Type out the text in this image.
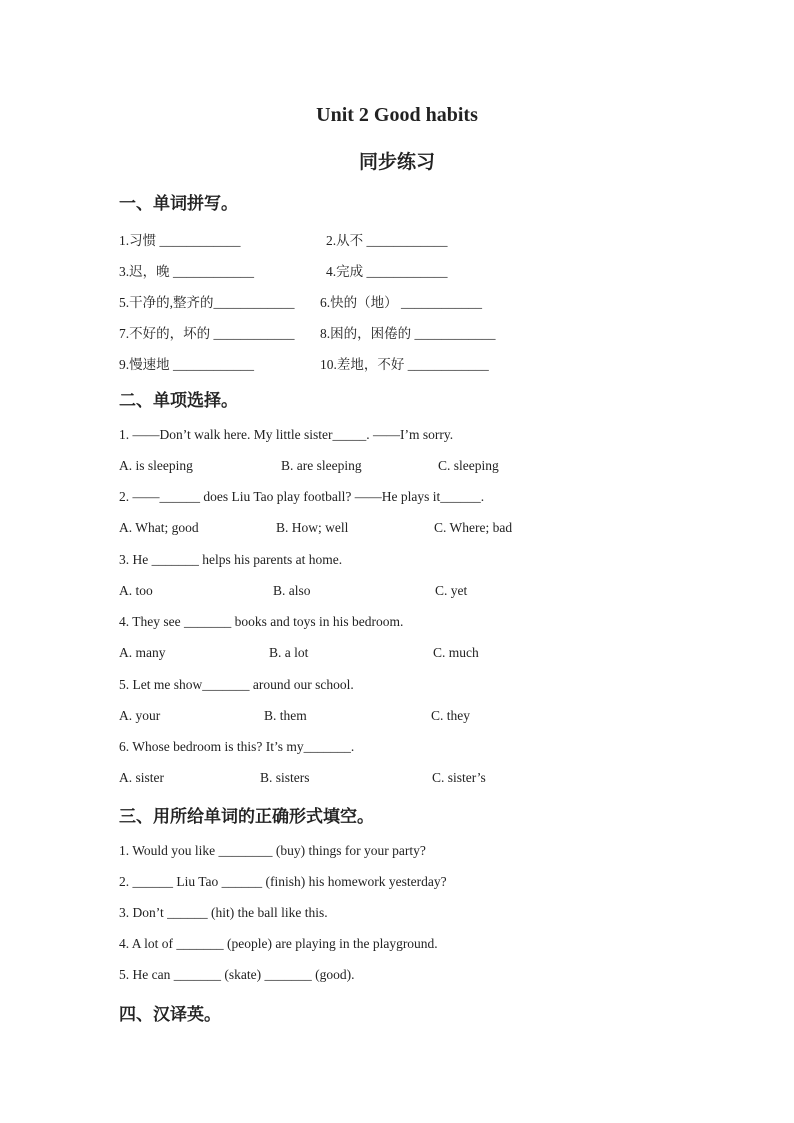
Unit 2 Good habits
同步练习
一、单词拼写。
1.习惯 ____________	2.从不 ____________
3.迟，晚 ____________	4.完成 ____________
5.干净的,整齐的____________ 6.快的（地） ____________
7.不好的，坏的 ____________ 8.困的，困倦的 ____________
9.慢速地 ____________	10.差地，不好 ____________
二、单项选择。
1. ——Don’t walk here. My little sister_____. ——I’m sorry.
A. is sleeping	B. are sleeping	C. sleeping
2. ——______ does Liu Tao play football? ——He plays it______.
A. What; good	B. How; well	C. Where; bad
3. He _______ helps his parents at home.
A. too	B. also	C. yet
4. They see _______ books and toys in his bedroom.
A. many	B. a lot	C. much
5. Let me show_______ around our school.
A. your	B. them	C. they
6. Whose bedroom is this? It’s my_______.
A. sister	B. sisters	C. sister’s
三、用所给单词的正确形式填空。
1. Would you like ________ (buy) things for your party?
2. ______ Liu Tao ______ (finish) his homework yesterday?
3. Don’t ______ (hit) the ball like this.
4. A lot of _______ (people) are playing in the playground.
5. He can _______ (skate) _______ (good).
四、汉译英。
